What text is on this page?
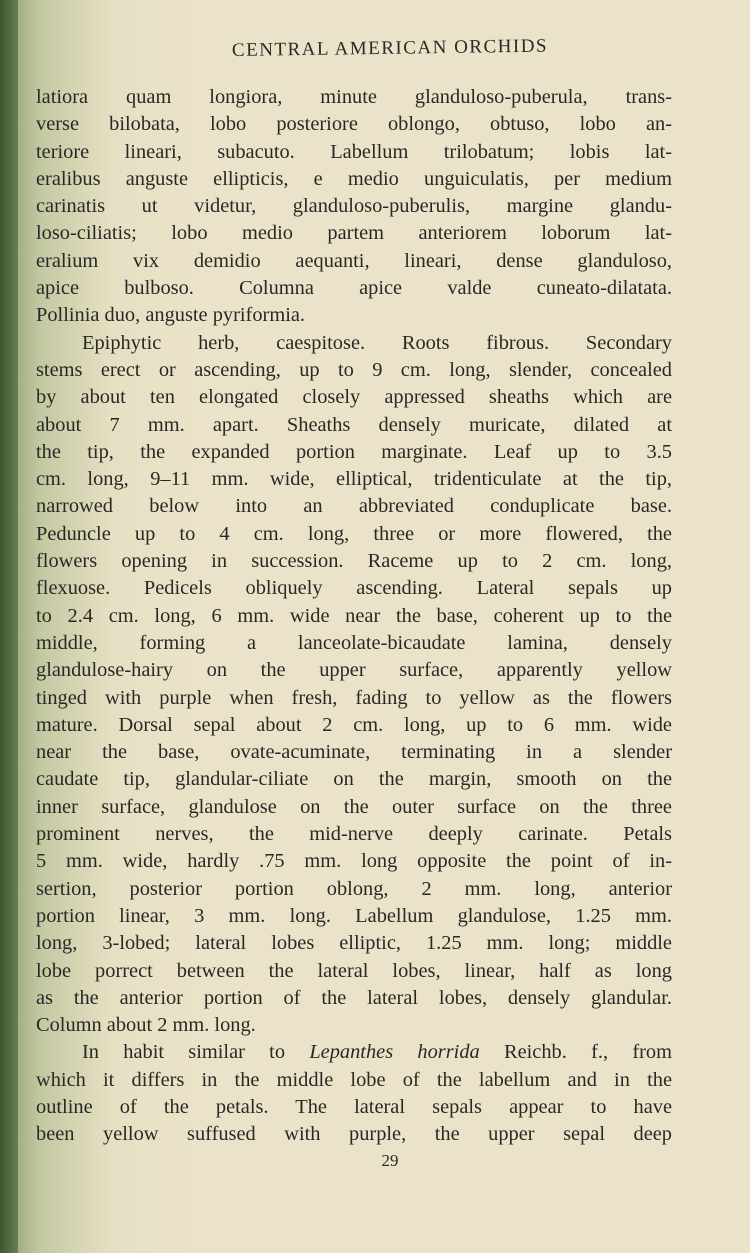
CENTRAL AMERICAN ORCHIDS

latiora quam longiora, minute glanduloso-puberula, trans-
verse bilobata, lobo posteriore oblongo, obtuso, lobo an-
teriore lineari, subacuto. Labellum trilobatum; lobis lat-
eralibus anguste ellipticis, e medio unguiculatis, per medium
carinatis ut videtur, glanduloso-puberulis, margine glandu-
loso-ciliatis; lobo medio partem anteriorem loborum lat-
eralium vix demidio aequanti, lineari, dense glanduloso,
apice bulboso. Columna apice valde cuneato-dilatata.
Pollinia duo, anguste pyriformia.

Epiphytic herb, caespitose. Roots fibrous. Secondary
stems erect or ascending, up to 9 cm. long, slender, concealed
by about ten elongated closely appressed sheaths which are
about 7 mm. apart. Sheaths densely muricate, dilated at
the tip, the expanded portion marginate. Leaf up to 3.5
cm. long, 9–11 mm. wide, elliptical, tridenticulate at the tip,
narrowed below into an abbreviated conduplicate base.
Peduncle up to 4 cm. long, three or more flowered, the
flowers opening in succession. Raceme up to 2 cm. long,
flexuose. Pedicels obliquely ascending. Lateral sepals up
to 2.4 cm. long, 6 mm. wide near the base, coherent up to the
middle, forming a lanceolate-bicaudate lamina, densely
glandulose-hairy on the upper surface, apparently yellow
tinged with purple when fresh, fading to yellow as the flowers
mature. Dorsal sepal about 2 cm. long, up to 6 mm. wide
near the base, ovate-acuminate, terminating in a slender
caudate tip, glandular-ciliate on the margin, smooth on the
inner surface, glandulose on the outer surface on the three
prominent nerves, the mid-nerve deeply carinate. Petals
5 mm. wide, hardly .75 mm. long opposite the point of in-
sertion, posterior portion oblong, 2 mm. long, anterior
portion linear, 3 mm. long. Labellum glandulose, 1.25 mm.
long, 3-lobed; lateral lobes elliptic, 1.25 mm. long; middle
lobe porrect between the lateral lobes, linear, half as long
as the anterior portion of the lateral lobes, densely glandular.
Column about 2 mm. long.

In habit similar to Lepanthes horrida Reichb. f., from
which it differs in the middle lobe of the labellum and in the
outline of the petals. The lateral sepals appear to have
been yellow suffused with purple, the upper sepal deep

29
